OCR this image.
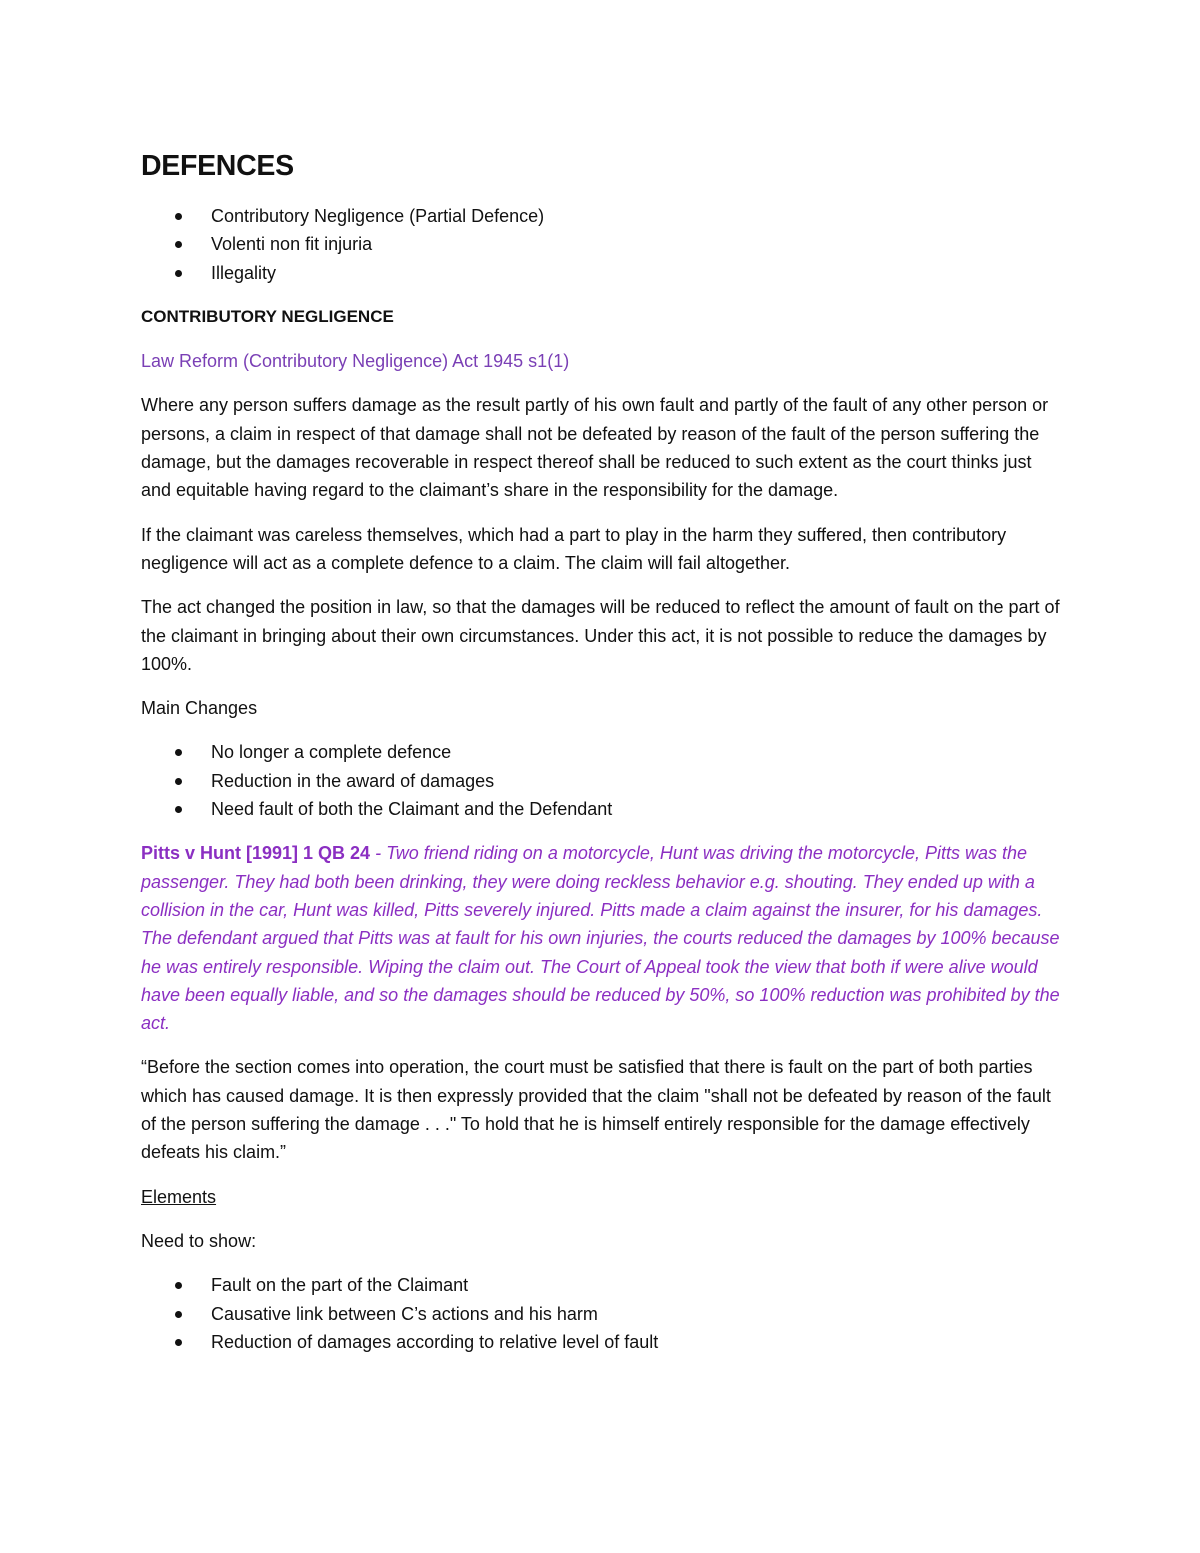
DEFENCES
Contributory Negligence (Partial Defence)
Volenti non fit injuria
Illegality
CONTRIBUTORY NEGLIGENCE
Law Reform (Contributory Negligence) Act 1945 s1(1)

Where any person suffers damage as the result partly of his own fault and partly of the fault of any other person or persons, a claim in respect of that damage shall not be defeated by reason of the fault of the person suffering the damage, but the damages recoverable in respect thereof shall be reduced to such extent as the court thinks just and equitable having regard to the claimant’s share in the responsibility for the damage.

If the claimant was careless themselves, which had a part to play in the harm they suffered, then contributory negligence will act as a complete defence to a claim. The claim will fail altogether.

The act changed the position in law, so that the damages will be reduced to reflect the amount of fault on the part of the claimant in bringing about their own circumstances. Under this act, it is not possible to reduce the damages by 100%.

Main Changes

No longer a complete defence
Reduction in the award of damages
Need fault of both the Claimant and the Defendant

Pitts v Hunt [1991] 1 QB 24 - Two friend riding on a motorcycle, Hunt was driving the motorcycle, Pitts was the passenger. They had both been drinking, they were doing reckless behavior e.g. shouting. They ended up with a collision in the car, Hunt was killed, Pitts severely injured. Pitts made a claim against the insurer, for his damages. The defendant argued that Pitts was at fault for his own injuries, the courts reduced the damages by 100% because he was entirely responsible. Wiping the claim out. The Court of Appeal took the view that both if were alive would have been equally liable, and so the damages should be reduced by 50%, so 100% reduction was prohibited by the act.

“Before the section comes into operation, the court must be satisfied that there is fault on the part of both parties which has caused damage. It is then expressly provided that the claim "shall not be defeated by reason of the fault of the person suffering the damage . . ." To hold that he is himself entirely responsible for the damage effectively defeats his claim.”

Elements

Need to show:

Fault on the part of the Claimant
Causative link between C’s actions and his harm
Reduction of damages according to relative level of fault
